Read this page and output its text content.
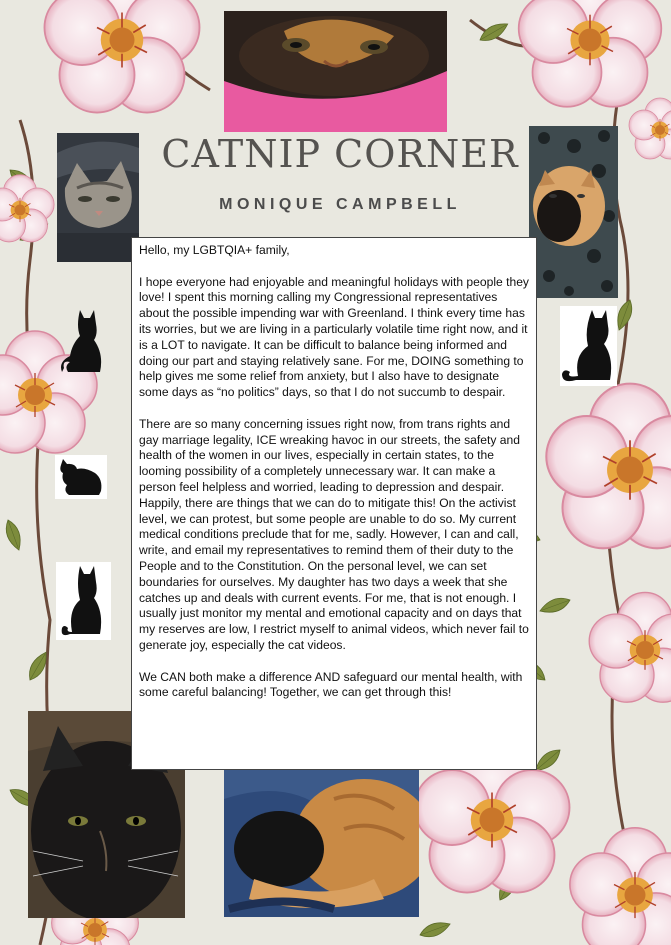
CATNIP CORNER
MONIQUE CAMPBELL

Hello, my LGBTQIA+ family,

I hope everyone had enjoyable and meaningful holidays with people they love! I spent this morning calling my Congressional representatives about the possible impending war with Greenland. I think every time has its worries, but we are living in a particularly volatile time right now, and it is a LOT to navigate. It can be difficult to balance being informed and doing our part and staying relatively sane. For me, DOING something to help gives me some relief from anxiety, but I also have to designate some days as “no politics” days, so that I do not succumb to despair.

There are so many concerning issues right now, from trans rights and gay marriage legality, ICE wreaking havoc in our streets, the safety and health of the women in our lives, especially in certain states, to the looming possibility of a completely unnecessary war. It can make a person feel helpless and worried, leading to depression and despair. Happily, there are things that we can do to mitigate this! On the activist level, we can protest, but some people are unable to do so. My current medical conditions preclude that for me, sadly. However, I can and call, write, and email my representatives to remind them of their duty to the People and to the Constitution. On the personal level, we can set boundaries for ourselves. My daughter has two days a week that she catches up and deals with current events. For me, that is not enough. I usually just monitor my mental and emotional capacity and on days that my reserves are low, I restrict myself to animal videos, which never fail to generate joy, especially the cat videos.

We CAN both make a difference AND safeguard our mental health, with some careful balancing! Together, we can get through this!
